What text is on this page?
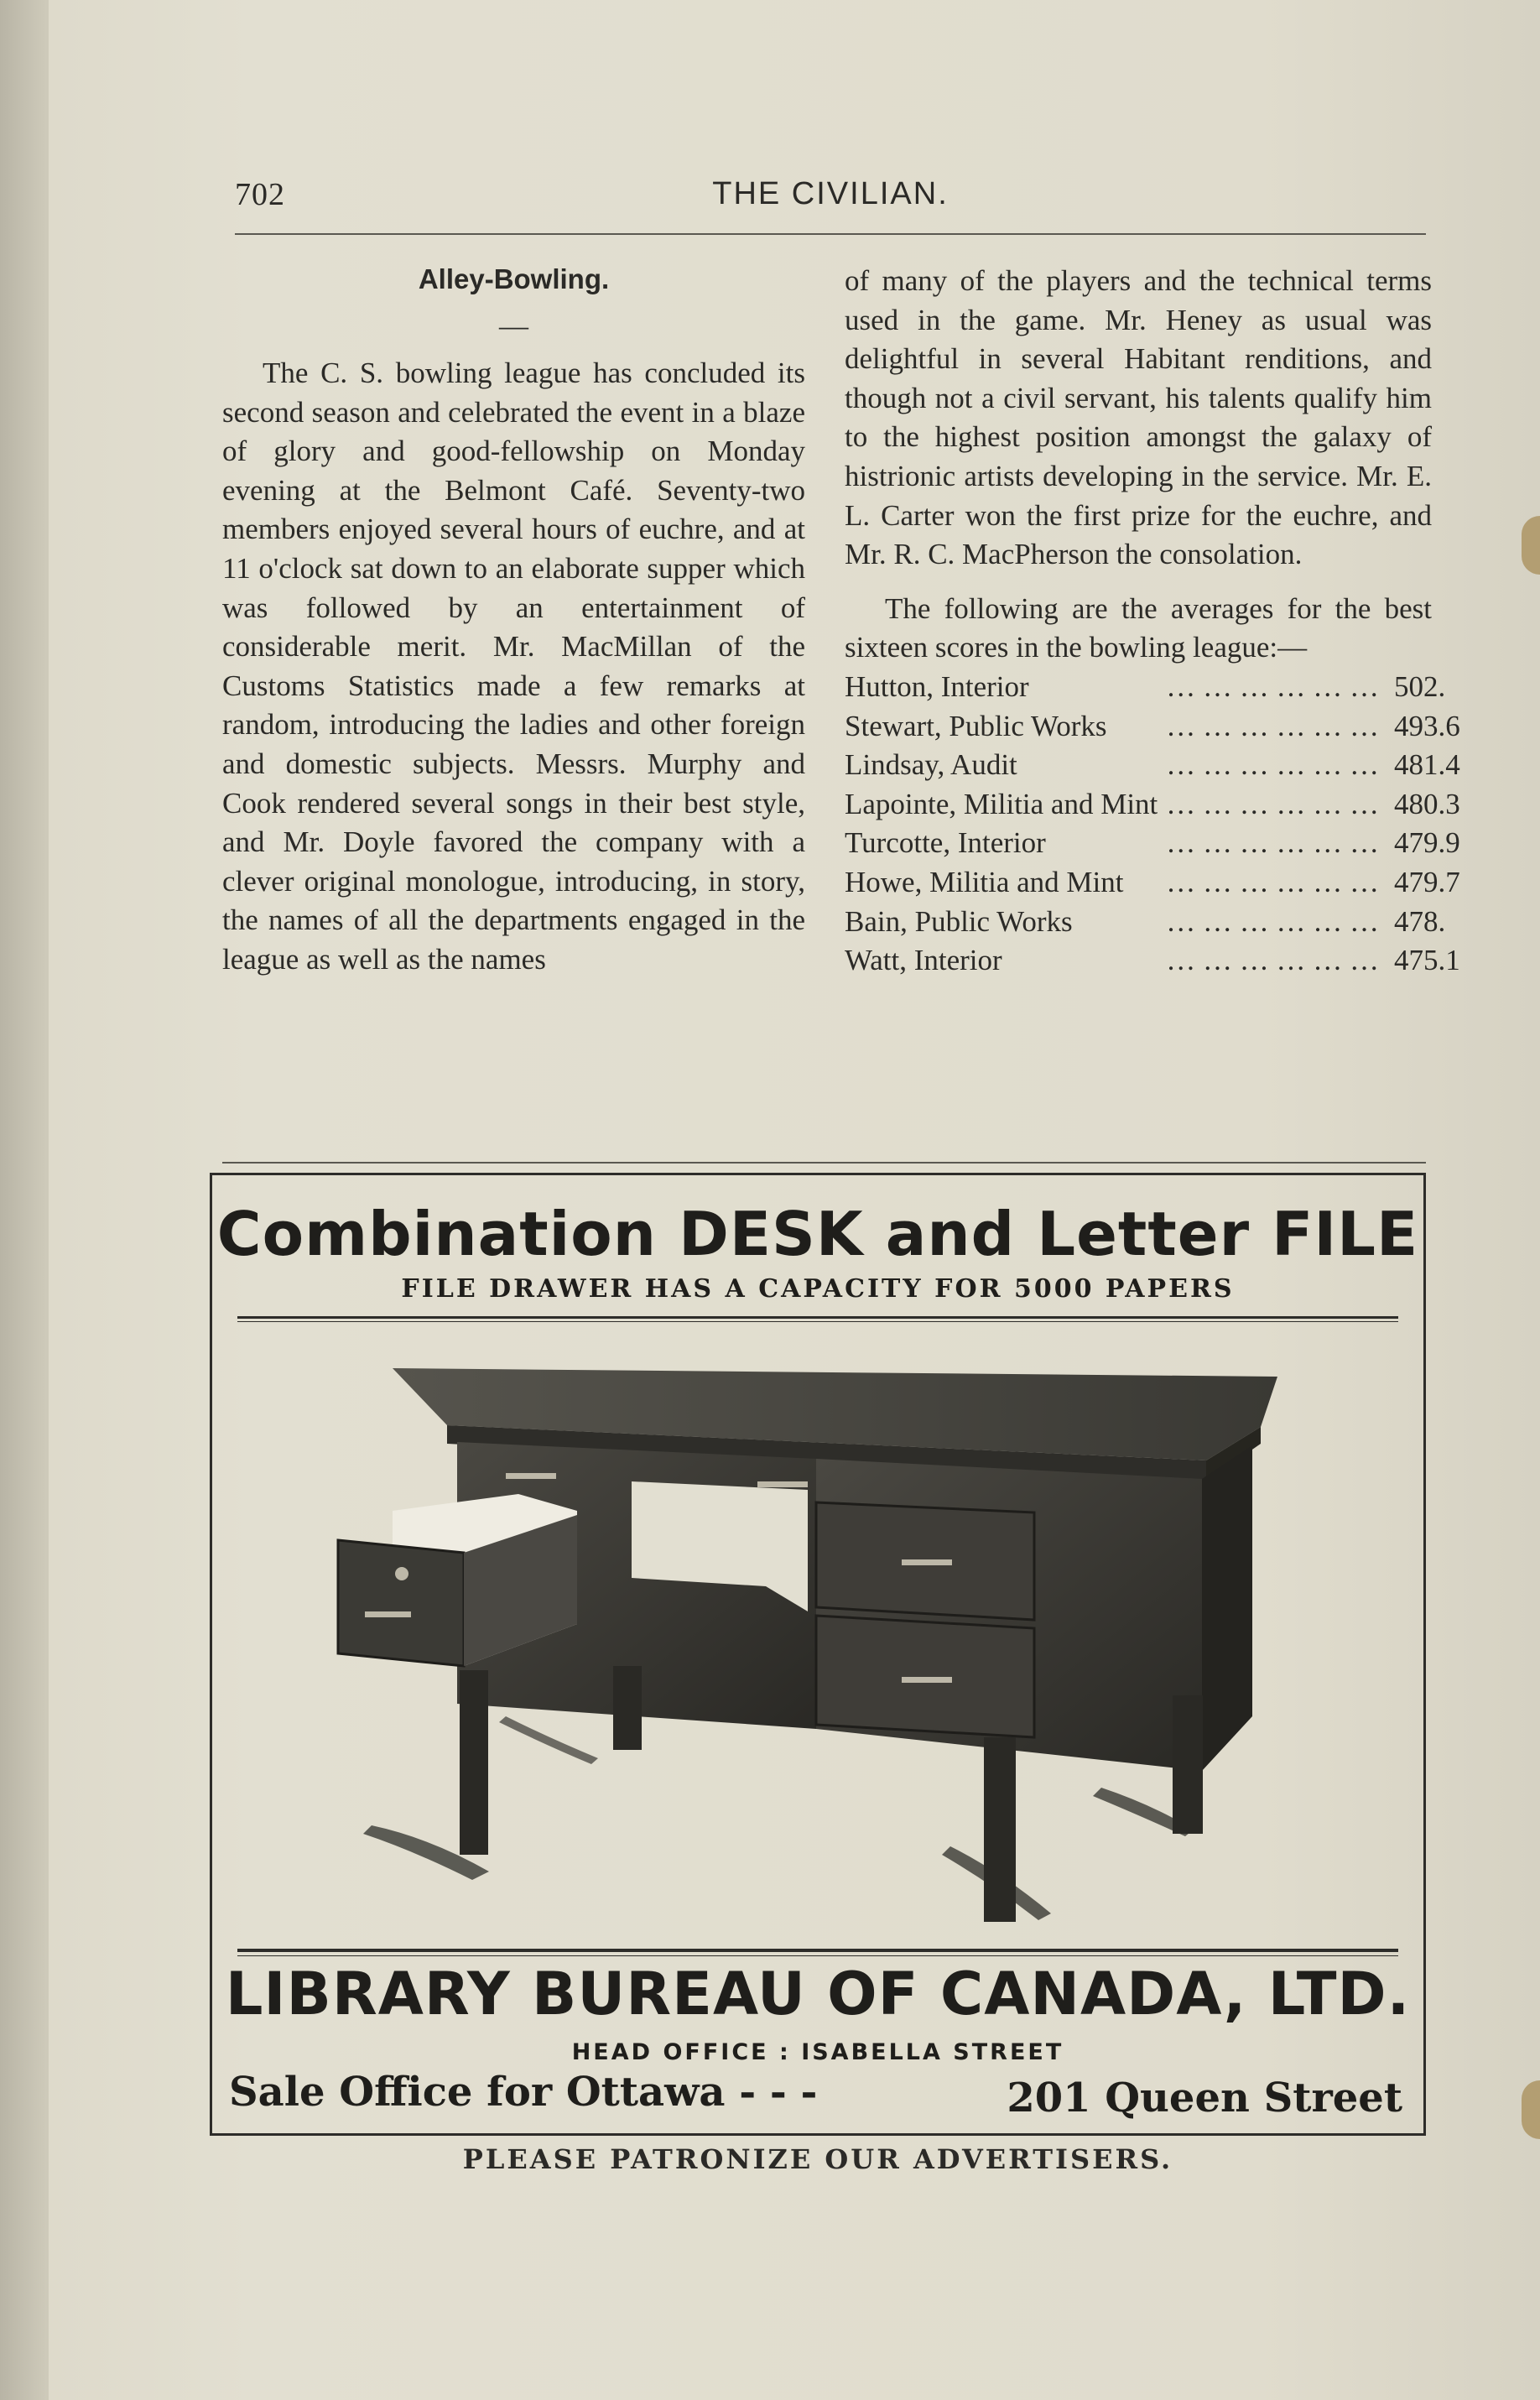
702	THE CIVILIAN.
Alley-Bowling.
—

The C. S. bowling league has concluded its second season and celebrated the event in a blaze of glory and good-fellowship on Monday evening at the Belmont Café. Seventy-two members enjoyed several hours of euchre, and at 11 o'clock sat down to an elaborate supper which was followed by an entertainment of considerable merit. Mr. MacMillan of the Customs Statistics made a few remarks at random, introducing the ladies and other foreign and domestic subjects. Messrs. Murphy and Cook rendered several songs in their best style, and Mr. Doyle favored the company with a clever original monologue, introducing, in story, the names of all the departments engaged in the league as well as the names

of many of the players and the technical terms used in the game. Mr. Heney as usual was delightful in several Habitant renditions, and though not a civil servant, his talents qualify him to the highest position amongst the galaxy of histrionic artists developing in the service. Mr. E. L. Carter won the first prize for the euchre, and Mr. R. C. MacPherson the consolation.

The following are the averages for the best sixteen scores in the bowling league:—

Hutton, Interior	… … … … … …	502.
Stewart, Public Works	… … … … … …	493.6
Lindsay, Audit	… … … … … …	481.4
Lapointe, Militia and Mint	… … … … … …	480.3
Turcotte, Interior	… … … … … …	479.9
Howe, Militia and Mint	… … … … … …	479.7
Bain, Public Works	… … … … … …	478.
Watt, Interior	… … … … … …	475.1
Combination DESK and Letter FILE
FILE DRAWER HAS A CAPACITY FOR 5000 PAPERS
LIBRARY BUREAU OF CANADA, LTD.
HEAD OFFICE : ISABELLA STREET
Sale Office for Ottawa - - -	201 Queen Street
PLEASE PATRONIZE OUR ADVERTISERS.
